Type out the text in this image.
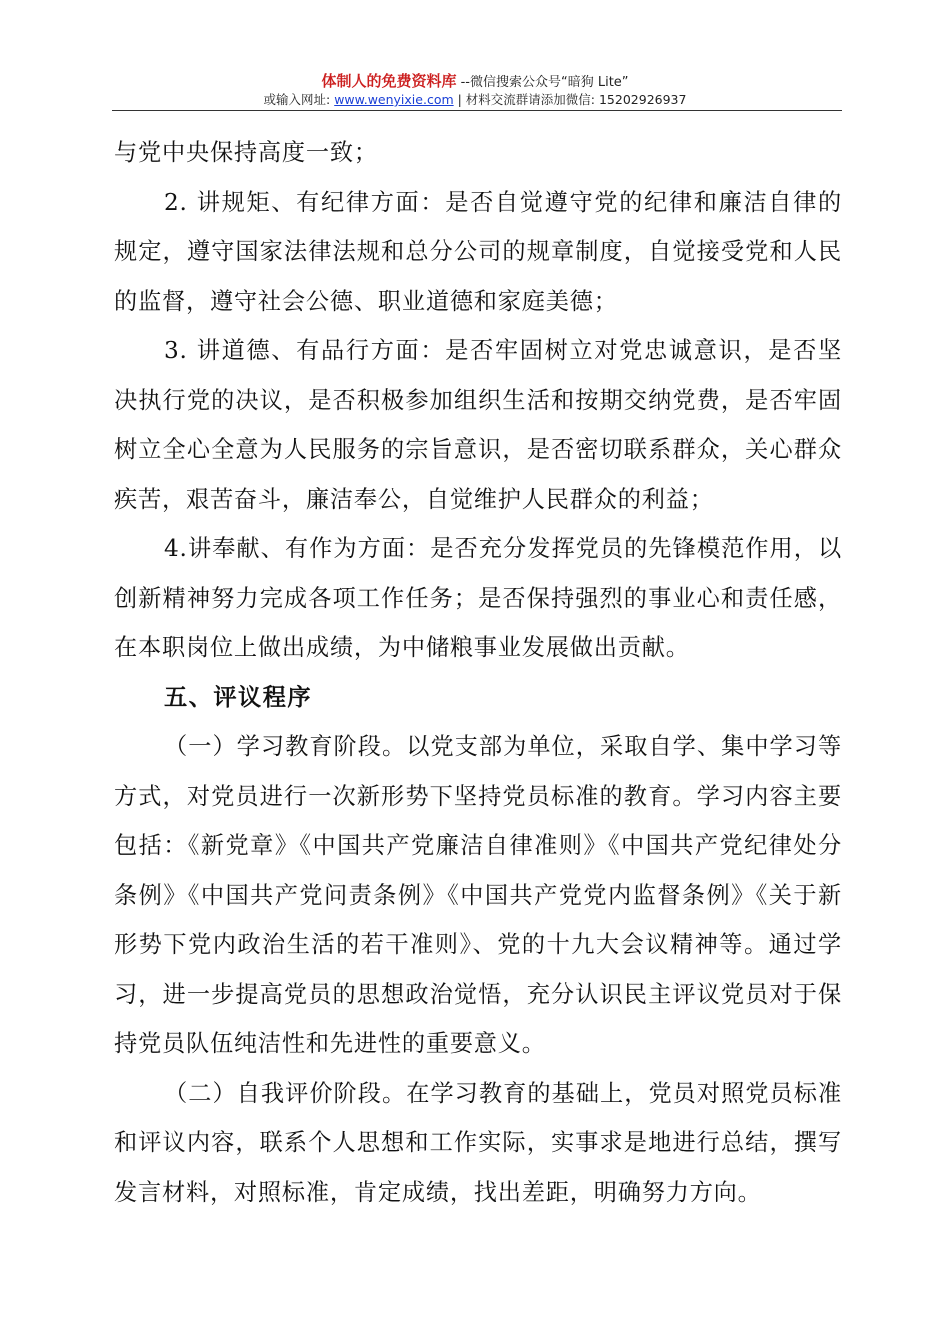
体制人的免费资料库 --微信搜索公众号“暗狗 Lite”
或输入网址: www.wenyixie.com | 材料交流群请添加微信: 15202926937

与党中央保持高度一致；

2. 讲规矩、有纪律方面：是否自觉遵守党的纪律和廉洁自律的规定，遵守国家法律法规和总分公司的规章制度，自觉接受党和人民的监督，遵守社会公德、职业道德和家庭美德；

3. 讲道德、有品行方面：是否牢固树立对党忠诚意识，是否坚决执行党的决议，是否积极参加组织生活和按期交纳党费，是否牢固树立全心全意为人民服务的宗旨意识，是否密切联系群众，关心群众疾苦，艰苦奋斗，廉洁奉公，自觉维护人民群众的利益；

4.讲奉献、有作为方面：是否充分发挥党员的先锋模范作用，以创新精神努力完成各项工作任务；是否保持强烈的事业心和责任感，在本职岗位上做出成绩，为中储粮事业发展做出贡献。

五、评议程序

（一）学习教育阶段。以党支部为单位，采取自学、集中学习等方式，对党员进行一次新形势下坚持党员标准的教育。学习内容主要包括：《新党章》《中国共产党廉洁自律准则》《中国共产党纪律处分条例》《中国共产党问责条例》《中国共产党党内监督条例》《关于新形势下党内政治生活的若干准则》、党的十九大会议精神等。通过学习，进一步提高党员的思想政治觉悟，充分认识民主评议党员对于保持党员队伍纯洁性和先进性的重要意义。

（二）自我评价阶段。在学习教育的基础上，党员对照党员标准和评议内容，联系个人思想和工作实际，实事求是地进行总结，撰写发言材料，对照标准，肯定成绩，找出差距，明确努力方向。
